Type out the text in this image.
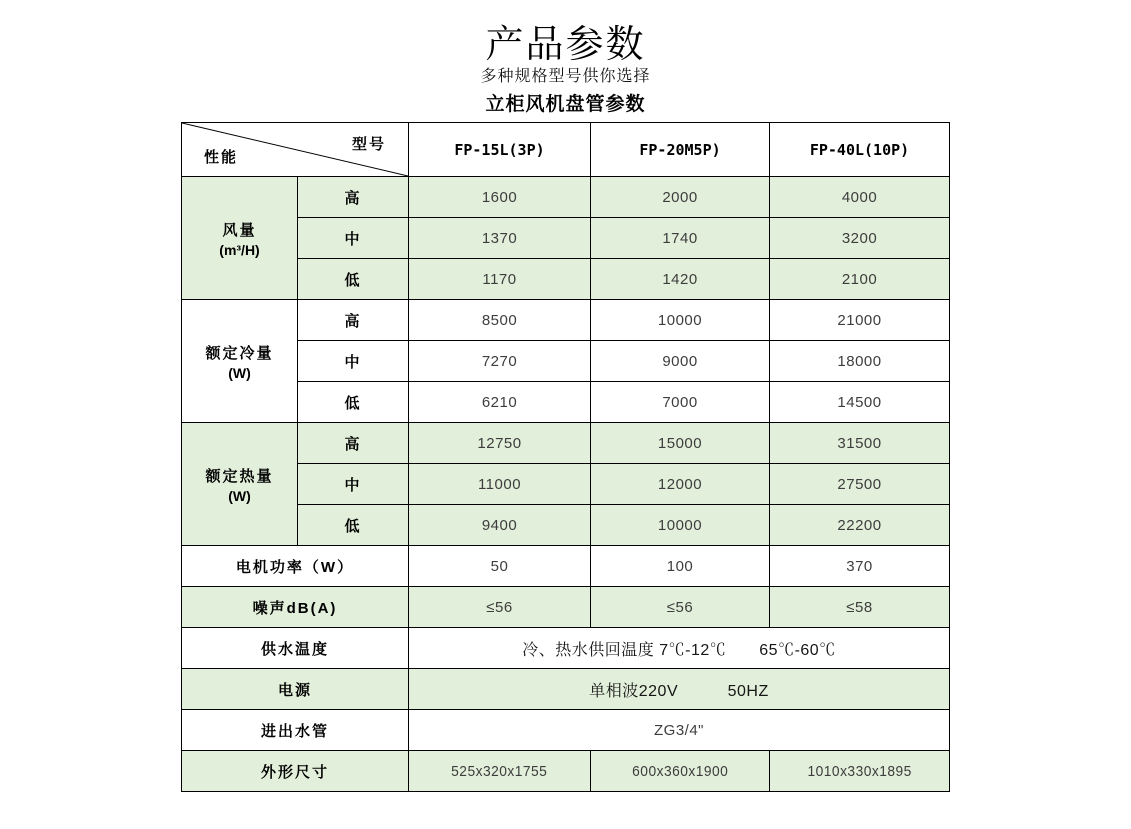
产品参数
多种规格型号供你选择
立柜风机盘管参数
型号
性能		FP-15L(3P)	FP-20M5P)	FP-40L(10P)

风量
(m³/H)	高	1600	2000	4000
	中	1370	1740	3200
	低	1170	1420	2100

额定冷量
(W)	高	8500	10000	21000
	中	7270	9000	18000
	低	6210	7000	14500

额定热量
(W)	高	12750	15000	31500
	中	11000	12000	27500
	低	9400	10000	22200
电机功率（W）		50	100	370
噪声dB(A)		≤56	≤56	≤58
供水温度		冷、热水供回温度 7℃-12℃　　65℃-60℃		
电源		单相波220V　　　50HZ		
进出水管		ZG3/4"		
外形尺寸		525x320x1755	600x360x1900	1010x330x1895
